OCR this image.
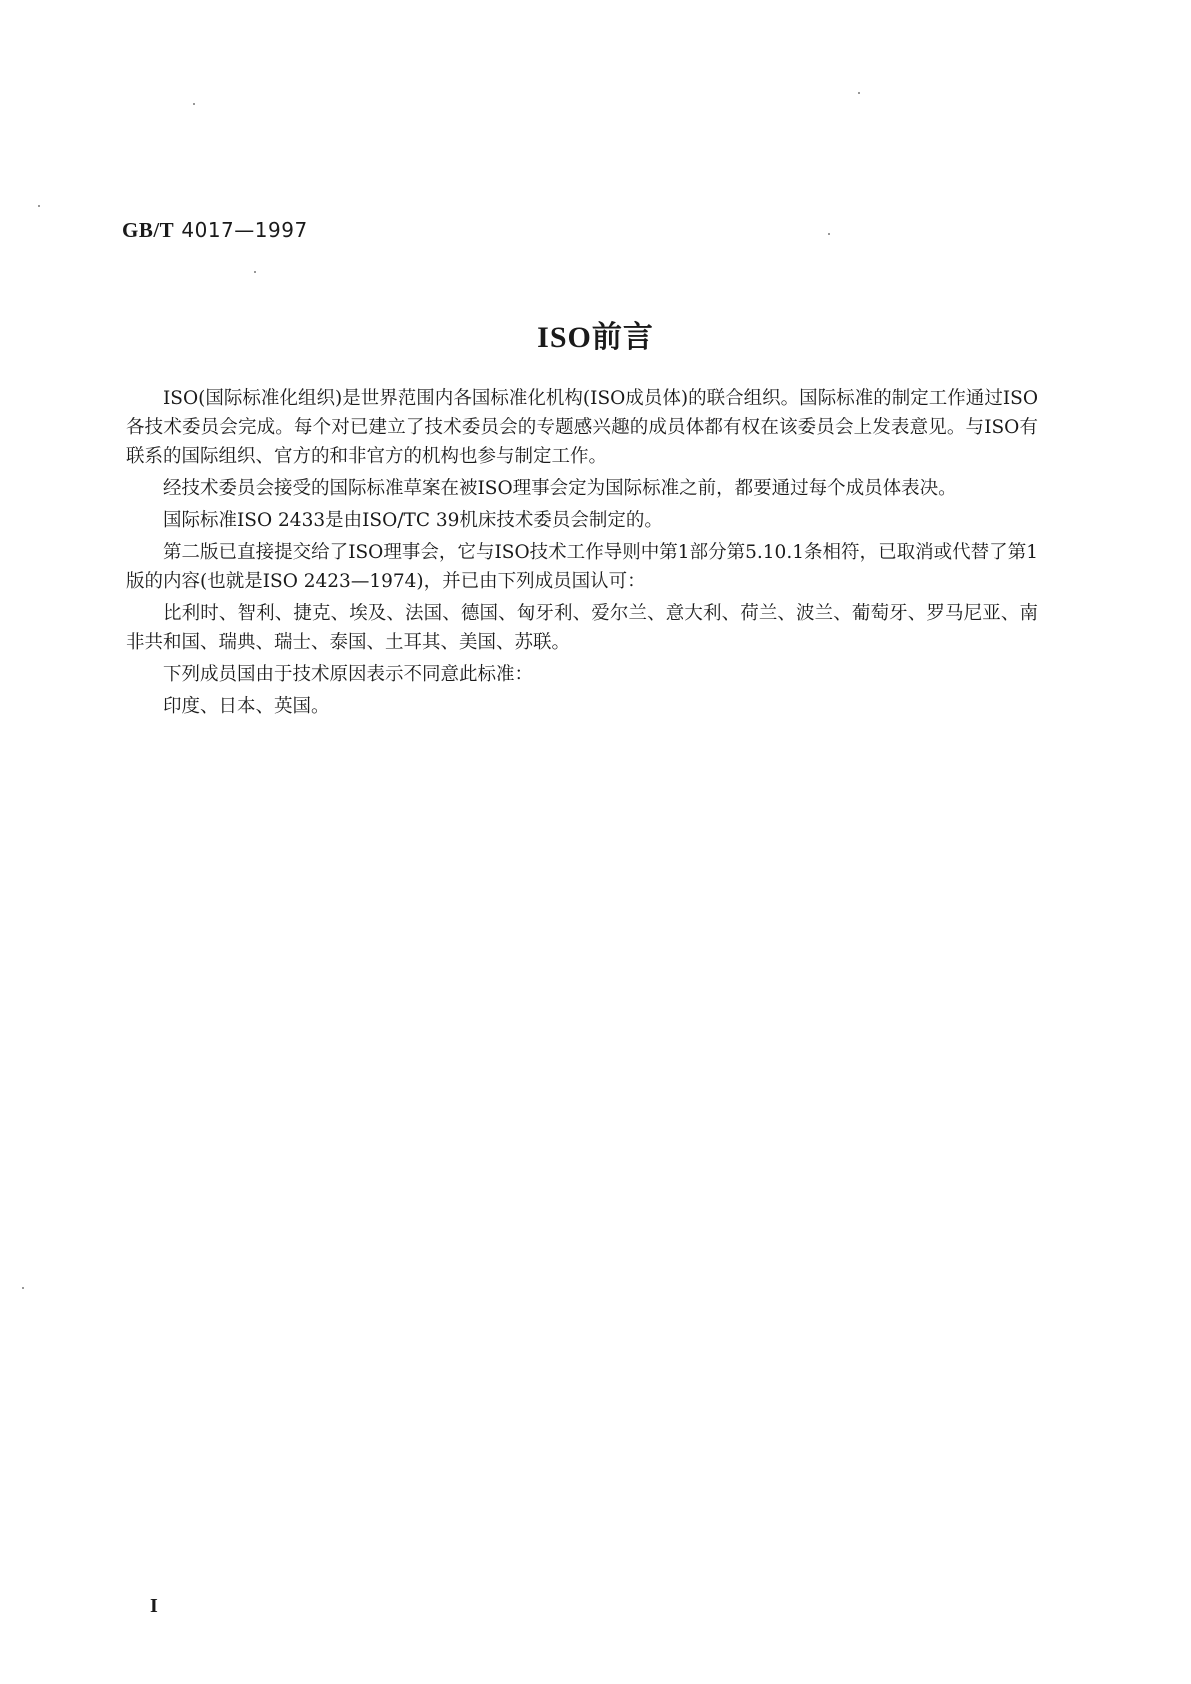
GB/T 4017—1997
ISO前言

ISO(国际标准化组织)是世界范围内各国标准化机构(ISO成员体)的联合组织。国际标准的制定工作通过ISO各技术委员会完成。每个对已建立了技术委员会的专题感兴趣的成员体都有权在该委员会上发表意见。与ISO有联系的国际组织、官方的和非官方的机构也参与制定工作。

经技术委员会接受的国际标准草案在被ISO理事会定为国际标准之前，都要通过每个成员体表决。

国际标准ISO 2433是由ISO/TC 39机床技术委员会制定的。

第二版已直接提交给了ISO理事会，它与ISO技术工作导则中第1部分第5.10.1条相符，已取消或代替了第1版的内容(也就是ISO 2423—1974)，并已由下列成员国认可：

比利时、智利、捷克、埃及、法国、德国、匈牙利、爱尔兰、意大利、荷兰、波兰、葡萄牙、罗马尼亚、南非共和国、瑞典、瑞士、泰国、土耳其、美国、苏联。

下列成员国由于技术原因表示不同意此标准：

印度、日本、英国。

I
